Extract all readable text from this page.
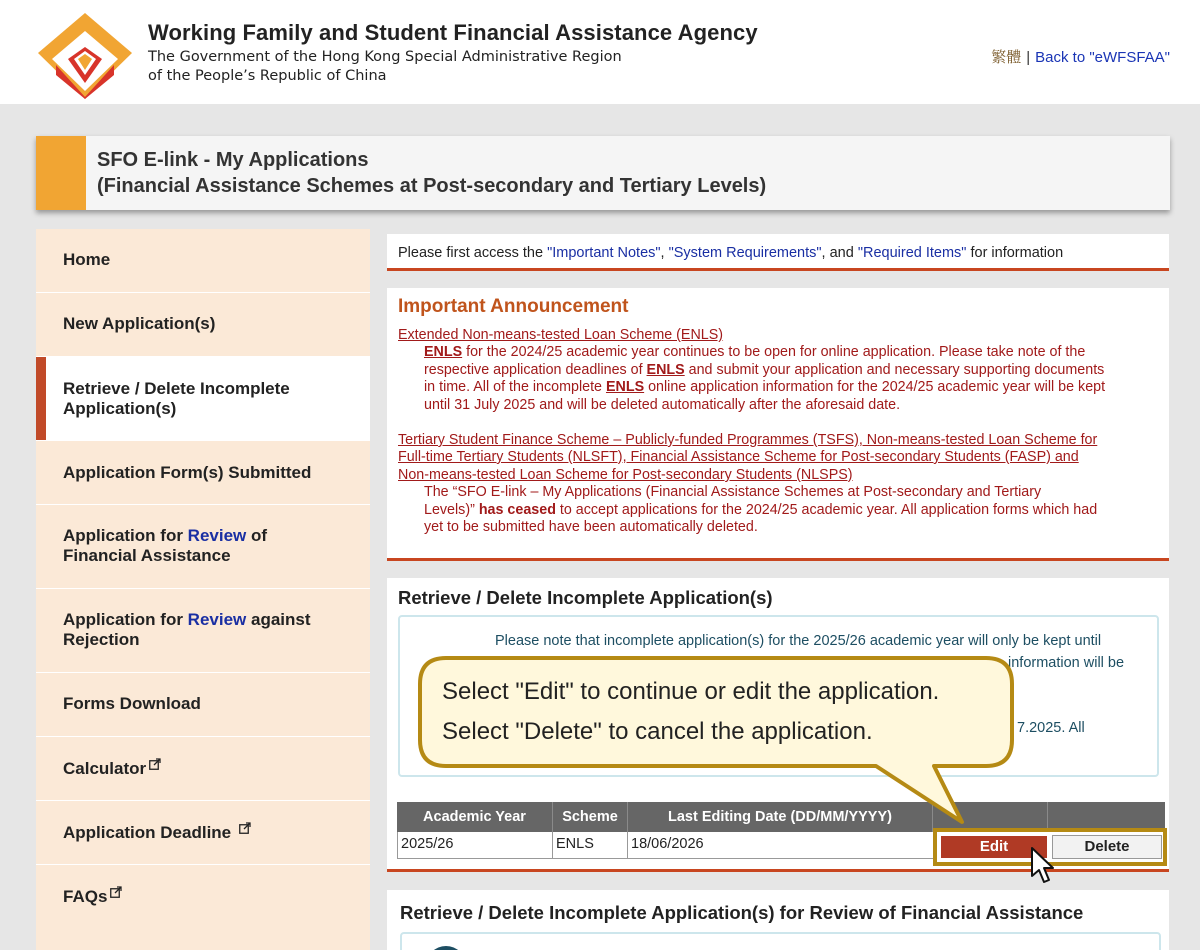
Working Family and Student Financial Assistance Agency
The Government of the Hong Kong Special Administrative Region
of the People’s Republic of China
繁體 | Back to "eWFSFAA"
SFO E-link - My Applications
(Financial Assistance Schemes at Post-secondary and Tertiary Levels)
Home
New Application(s)
Retrieve / Delete Incomplete
Application(s)
Application Form(s) Submitted
Application for Review of
Financial Assistance
Application for Review against
Rejection
Forms Download
Calculator
Application Deadline
FAQs
Please first access the "Important Notes", "System Requirements", and "Required Items" for information
Important Announcement
Extended Non-means-tested Loan Scheme (ENLS)
ENLS for the 2024/25 academic year continues to be open for online application. Please take note of the
respective application deadlines of ENLS and submit your application and necessary supporting documents
in time. All of the incomplete ENLS online application information for the 2024/25 academic year will be kept
until 31 July 2025 and will be deleted automatically after the aforesaid date.
Tertiary Student Finance Scheme – Publicly-funded Programmes (TSFS), Non-means-tested Loan Scheme for
Full-time Tertiary Students (NLSFT), Financial Assistance Scheme for Post-secondary Students (FASP) and
Non-means-tested Loan Scheme for Post-secondary Students (NLSPS)
The “SFO E-link – My Applications (Financial Assistance Schemes at Post-secondary and Tertiary
Levels)” has ceased to accept applications for the 2024/25 academic year. All application forms which had
yet to be submitted have been automatically deleted.
Retrieve / Delete Incomplete Application(s)
Please note that incomplete application(s) for the 2025/26 academic year will only be kept until
information will be
7.2025. All
Academic Year	Scheme	Last Editing Date (DD/MM/YYYY)
2025/26	ENLS	18/06/2026	Edit	Delete
Retrieve / Delete Incomplete Application(s) for Review of Financial Assistance
Select "Edit" to continue or edit the application.
Select "Delete" to cancel the application.
